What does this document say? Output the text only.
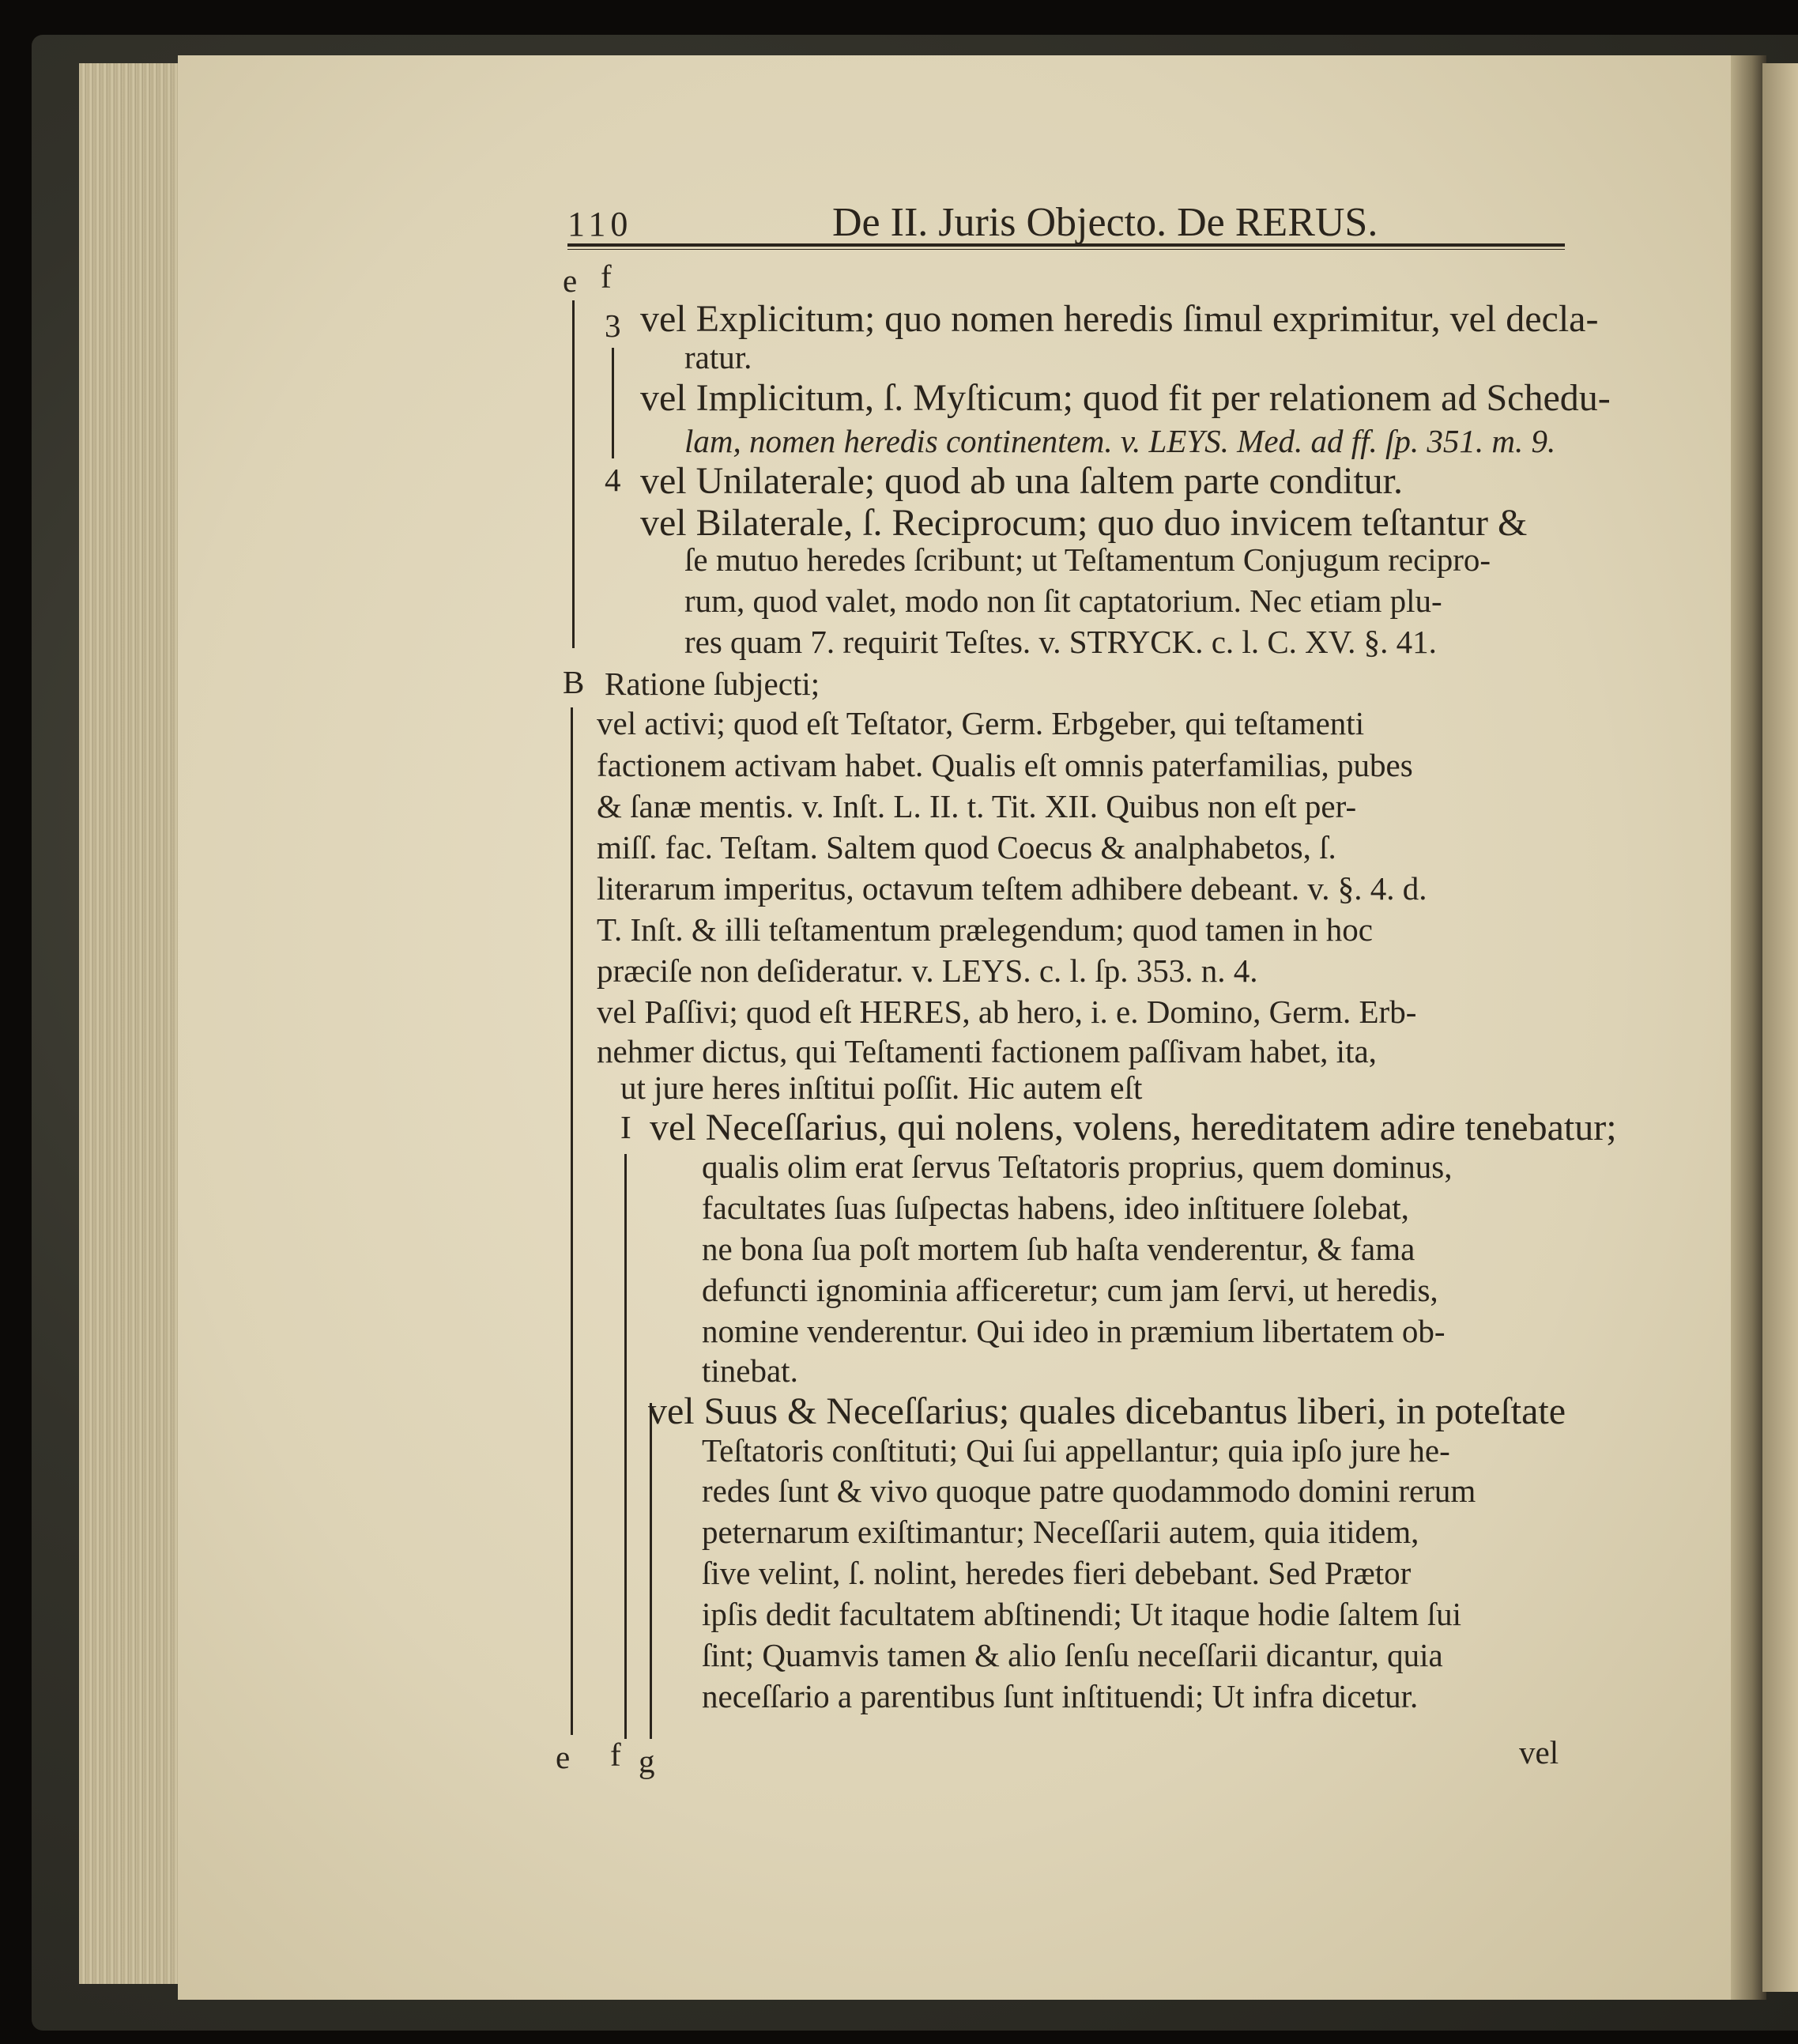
110	De II. Juris Objecto. De RERUS.
e f
3
4
B
I
e f g
vel Explicitum; quo nomen heredis ſimul exprimitur, vel decla-
ratur.
vel Implicitum, ſ. Myſticum; quod fit per relationem ad Schedu-
lam, nomen heredis continentem. v. LEYS. Med. ad ff. ſp. 351. m. 9.
vel Unilaterale; quod ab una ſaltem parte conditur.
vel Bilaterale, ſ. Reciprocum; quo duo invicem teſtantur &
ſe mutuo heredes ſcribunt; ut Teſtamentum Conjugum recipro-
rum, quod valet, modo non ſit captatorium. Nec etiam plu-
res quam 7. requirit Teſtes. v. STRYCK. c. l. C. XV. §. 41.
Ratione ſubjecti;
vel activi; quod eſt Teſtator, Germ. Erbgeber, qui teſtamenti
factionem activam habet. Qualis eſt omnis paterfamilias, pubes
& ſanæ mentis. v. Inſt. L. II. t. Tit. XII. Quibus non eſt per-
miſſ. fac. Teſtam. Saltem quod Coecus & analphabetos, ſ.
literarum imperitus, octavum teſtem adhibere debeant. v. §. 4. d.
T. Inſt. & illi teſtamentum prælegendum; quod tamen in hoc
præciſe non deſideratur. v. LEYS. c. l. ſp. 353. n. 4.
vel Paſſivi; quod eſt HERES, ab hero, i. e. Domino, Germ. Erb-
nehmer dictus, qui Teſtamenti factionem paſſivam habet, ita,
ut jure heres inſtitui poſſit. Hic autem eſt
vel Neceſſarius, qui nolens, volens, hereditatem adire tenebatur;
qualis olim erat ſervus Teſtatoris proprius, quem dominus,
facultates ſuas ſuſpectas habens, ideo inſtituere ſolebat,
ne bona ſua poſt mortem ſub haſta venderentur, & fama
defuncti ignominia afficeretur; cum jam ſervi, ut heredis,
nomine venderentur. Qui ideo in præmium libertatem ob-
tinebat.
vel Suus & Neceſſarius; quales dicebantus liberi, in poteſtate
Teſtatoris conſtituti; Qui ſui appellantur; quia ipſo jure he-
redes ſunt & vivo quoque patre quodammodo domini rerum
peternarum exiſtimantur; Neceſſarii autem, quia itidem,
ſive velint, ſ. nolint, heredes fieri debebant. Sed Prætor
ipſis dedit facultatem abſtinendi; Ut itaque hodie ſaltem ſui
ſint; Quamvis tamen & alio ſenſu neceſſarii dicantur, quia
neceſſario a parentibus ſunt inſtituendi; Ut infra dicetur.
vel
